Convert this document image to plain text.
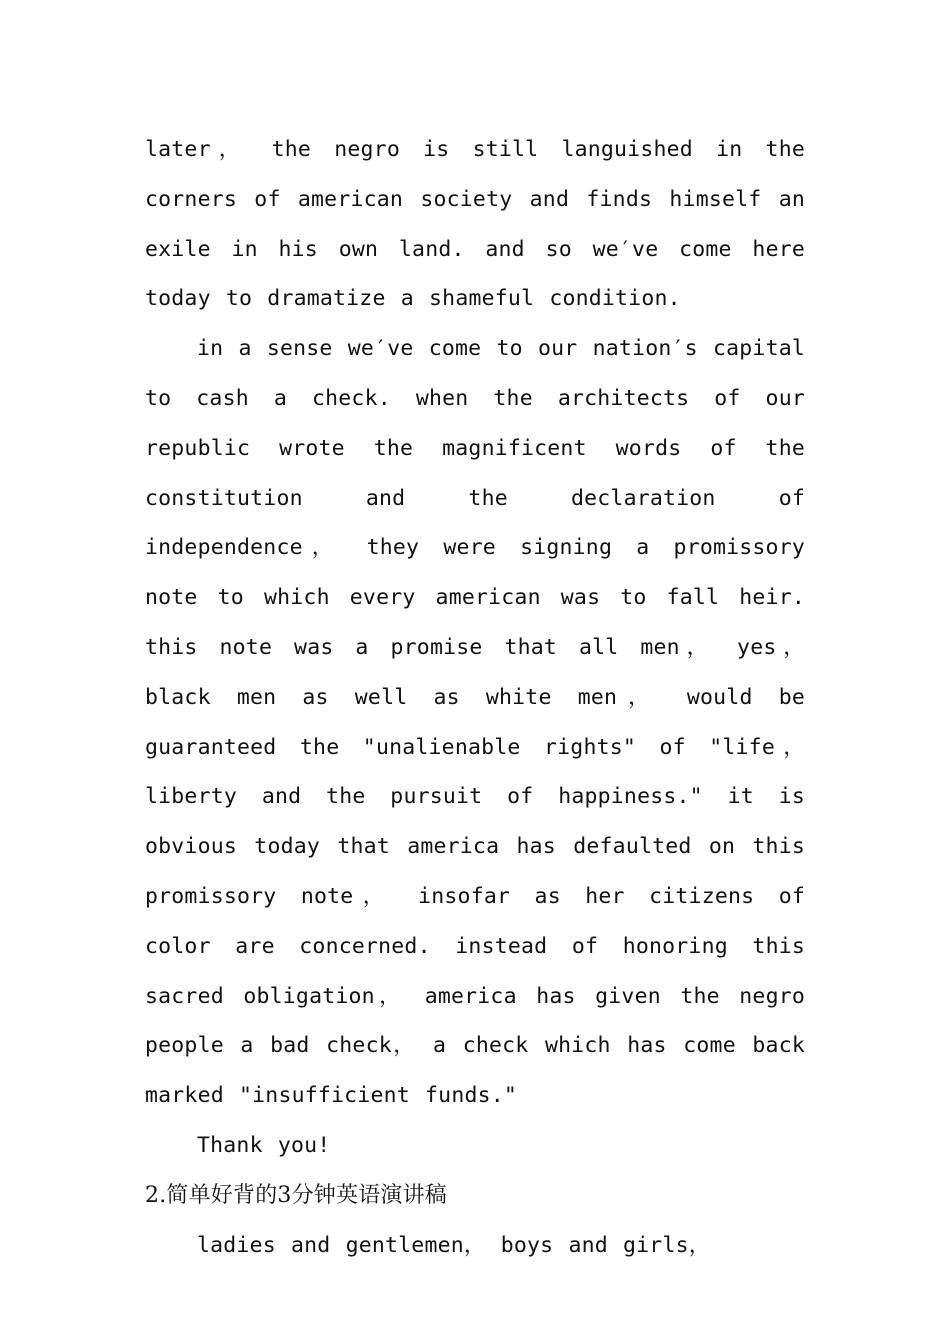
later， the negro is still languished in the corners of american society and finds himself an exile in his own land. and so we′ve come here today to dramatize a shameful condition.

in a sense we′ve come to our nation′s capital to cash a check. when the architects of our republic wrote the magnificent words of the constitution and the declaration of independence， they were signing a promissory note to which every american was to fall heir. this note was a promise that all men， yes， black men as well as white men， would be guaranteed the "unalienable rights" of "life， liberty and the pursuit of happiness." it is obvious today that america has defaulted on this promissory note， insofar as her citizens of color are concerned. instead of honoring this sacred obligation， america has given the negro people a bad check， a check which has come back marked "insufficient funds."

Thank you!

2.简单好背的3分钟英语演讲稿

ladies and gentlemen， boys and girls，
